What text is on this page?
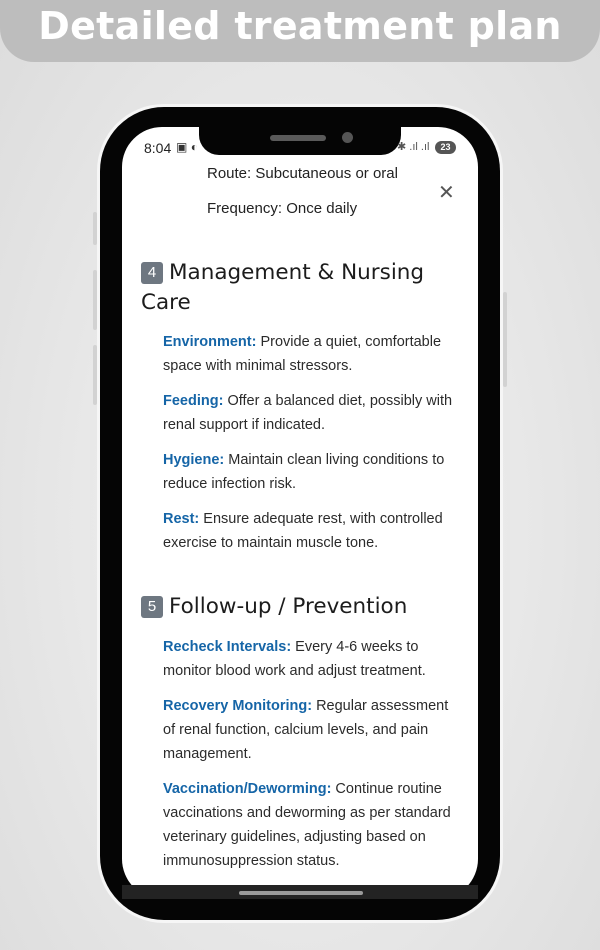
Detailed treatment plan
8:04 ▣ ◐	✱ .ıl .ıl	23
Route: Subcutaneous or oral
Frequency: Once daily
✕
4 Management & Nursing Care
Environment: Provide a quiet, comfortable space with minimal stressors.
Feeding: Offer a balanced diet, possibly with renal support if indicated.
Hygiene: Maintain clean living conditions to reduce infection risk.
Rest: Ensure adequate rest, with controlled exercise to maintain muscle tone.
5 Follow-up / Prevention
Recheck Intervals: Every 4-6 weeks to monitor blood work and adjust treatment.
Recovery Monitoring: Regular assessment of renal function, calcium levels, and pain management.
Vaccination/Deworming: Continue routine vaccinations and deworming as per standard veterinary guidelines, adjusting based on immunosuppression status.
